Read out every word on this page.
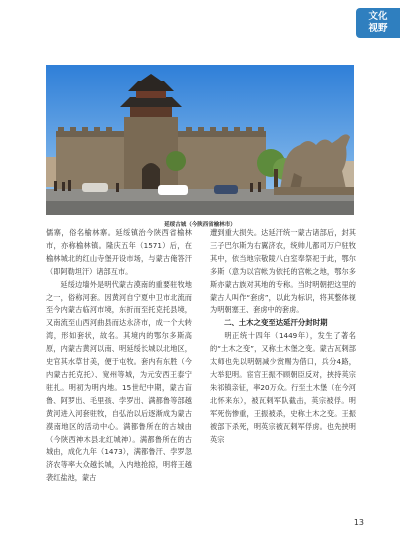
文化
视野
延绥古城（今陕西省榆林市）

儒寨，俗名榆林寨。延绥镇治今陕西省榆林市，亦称榆林镇。隆庆五年（1571）后，在榆林城北的红山寺堡开设市场，与蒙古俺答汗（即阿勒坦汗）诸部互市。

延绥边墙外是明代蒙古漠南的重要驻牧地之一，俗称河套。因黄河自宁夏中卫市北流而至今内蒙古临河市境，东折而至托克托县境，又南流至山西河曲县而达永济市，成一个大转湾，形如套状，故名。其境内的鄂尔多斯高原，内蒙古黄河以南、明延绥长城以北地区，史官其水草甘美，便于屯牧。套内有东胜（今内蒙古托克托）、宽州等城，为元安西王泰宁驻扎。明初为明内地。15世纪中期，蒙古盲鲁、阿罗出、毛里孩、孛罗出、满都鲁等部越黄河进入河套驻牧，自弘治以后逐渐成为蒙古漠南地区的活动中心。满都鲁所在的古城由（今陕西神木县北红城神）。满都鲁所在的古城由，成化九年（1473），满都鲁汗、孛罗忽济农等率大众越长城，入内地抢掠，明将王越袭红盐池，蒙古

遭到重大损失。达延汗统一蒙古诸部后，封其三子巴尔斯为右翼济农，统帅儿都司万户驻牧其中，依当地宗敬陵八白室奉祭祀于此，鄂尔多斯（意为以宫帐为依托的宫帐之地，鄂尔多斯亦蒙古族对其地的专称。当时明朝把这里的蒙古人叫作“套虏”，以此为标识，将其整体视为明朝塞王、套虏中的套虏。

二、土木之变至达延汗分封时期

明正统十四年（1449年），发生了著名的“土木之变”，又称土木堡之变。蒙古瓦剌部太师也先以明朝减少赏赐为借口，兵分4路，大举犯明。宦官王振不顾朝臣反对，挟持英宗朱祁镇亲征，率20万众。行至土木堡（在今河北怀来东），被瓦剌军队截击，英宗被俘。明军死伤惨重，王振被杀，史称土木之变。王振被部下杀死，明英宗被瓦剌军俘虏。也先挟明英宗

13
